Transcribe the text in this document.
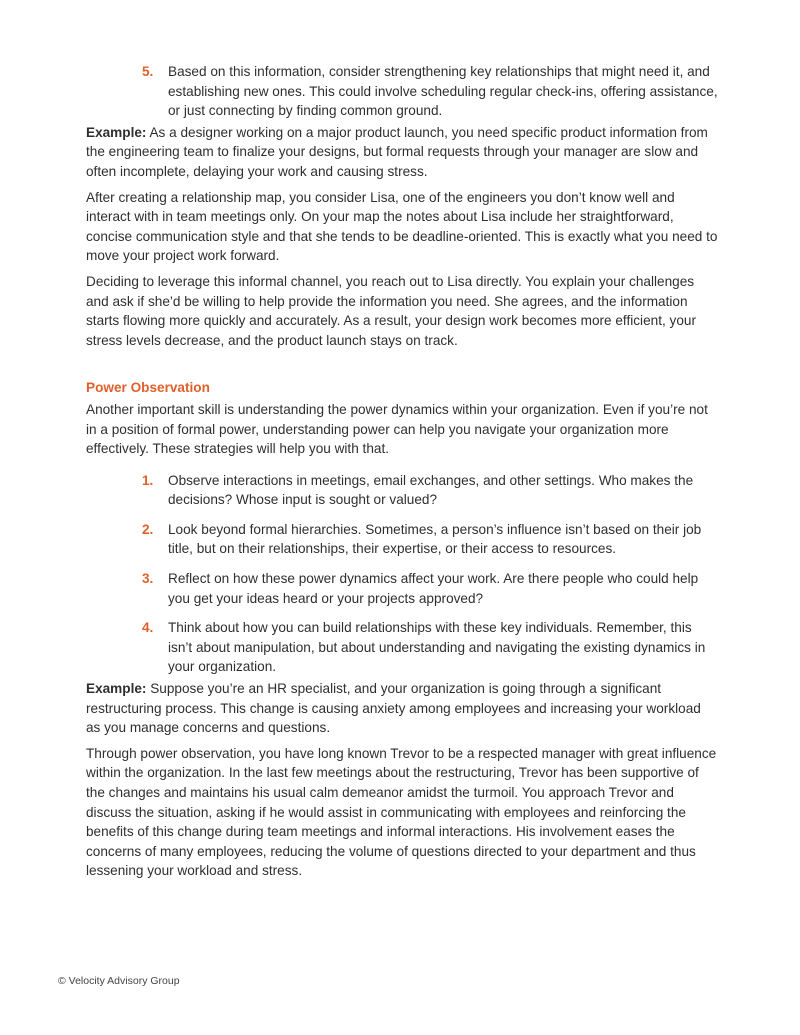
5. Based on this information, consider strengthening key relationships that might need it, and establishing new ones. This could involve scheduling regular check-ins, offering assistance, or just connecting by finding common ground.

Example: As a designer working on a major product launch, you need specific product information from the engineering team to finalize your designs, but formal requests through your manager are slow and often incomplete, delaying your work and causing stress.

After creating a relationship map, you consider Lisa, one of the engineers you don’t know well and interact with in team meetings only. On your map the notes about Lisa include her straightforward, concise communication style and that she tends to be deadline-oriented. This is exactly what you need to move your project work forward.

Deciding to leverage this informal channel, you reach out to Lisa directly. You explain your challenges and ask if she’d be willing to help provide the information you need. She agrees, and the information starts flowing more quickly and accurately. As a result, your design work becomes more efficient, your stress levels decrease, and the product launch stays on track.

Power Observation

Another important skill is understanding the power dynamics within your organization. Even if you’re not in a position of formal power, understanding power can help you navigate your organization more effectively. These strategies will help you with that.

1. Observe interactions in meetings, email exchanges, and other settings. Who makes the decisions? Whose input is sought or valued?
2. Look beyond formal hierarchies. Sometimes, a person’s influence isn’t based on their job title, but on their relationships, their expertise, or their access to resources.
3. Reflect on how these power dynamics affect your work. Are there people who could help you get your ideas heard or your projects approved?
4. Think about how you can build relationships with these key individuals. Remember, this isn’t about manipulation, but about understanding and navigating the existing dynamics in your organization.

Example: Suppose you’re an HR specialist, and your organization is going through a significant restructuring process. This change is causing anxiety among employees and increasing your workload as you manage concerns and questions.

Through power observation, you have long known Trevor to be a respected manager with great influence within the organization. In the last few meetings about the restructuring, Trevor has been supportive of the changes and maintains his usual calm demeanor amidst the turmoil. You approach Trevor and discuss the situation, asking if he would assist in communicating with employees and reinforcing the benefits of this change during team meetings and informal interactions. His involvement eases the concerns of many employees, reducing the volume of questions directed to your department and thus lessening your workload and stress.

© Velocity Advisory Group
